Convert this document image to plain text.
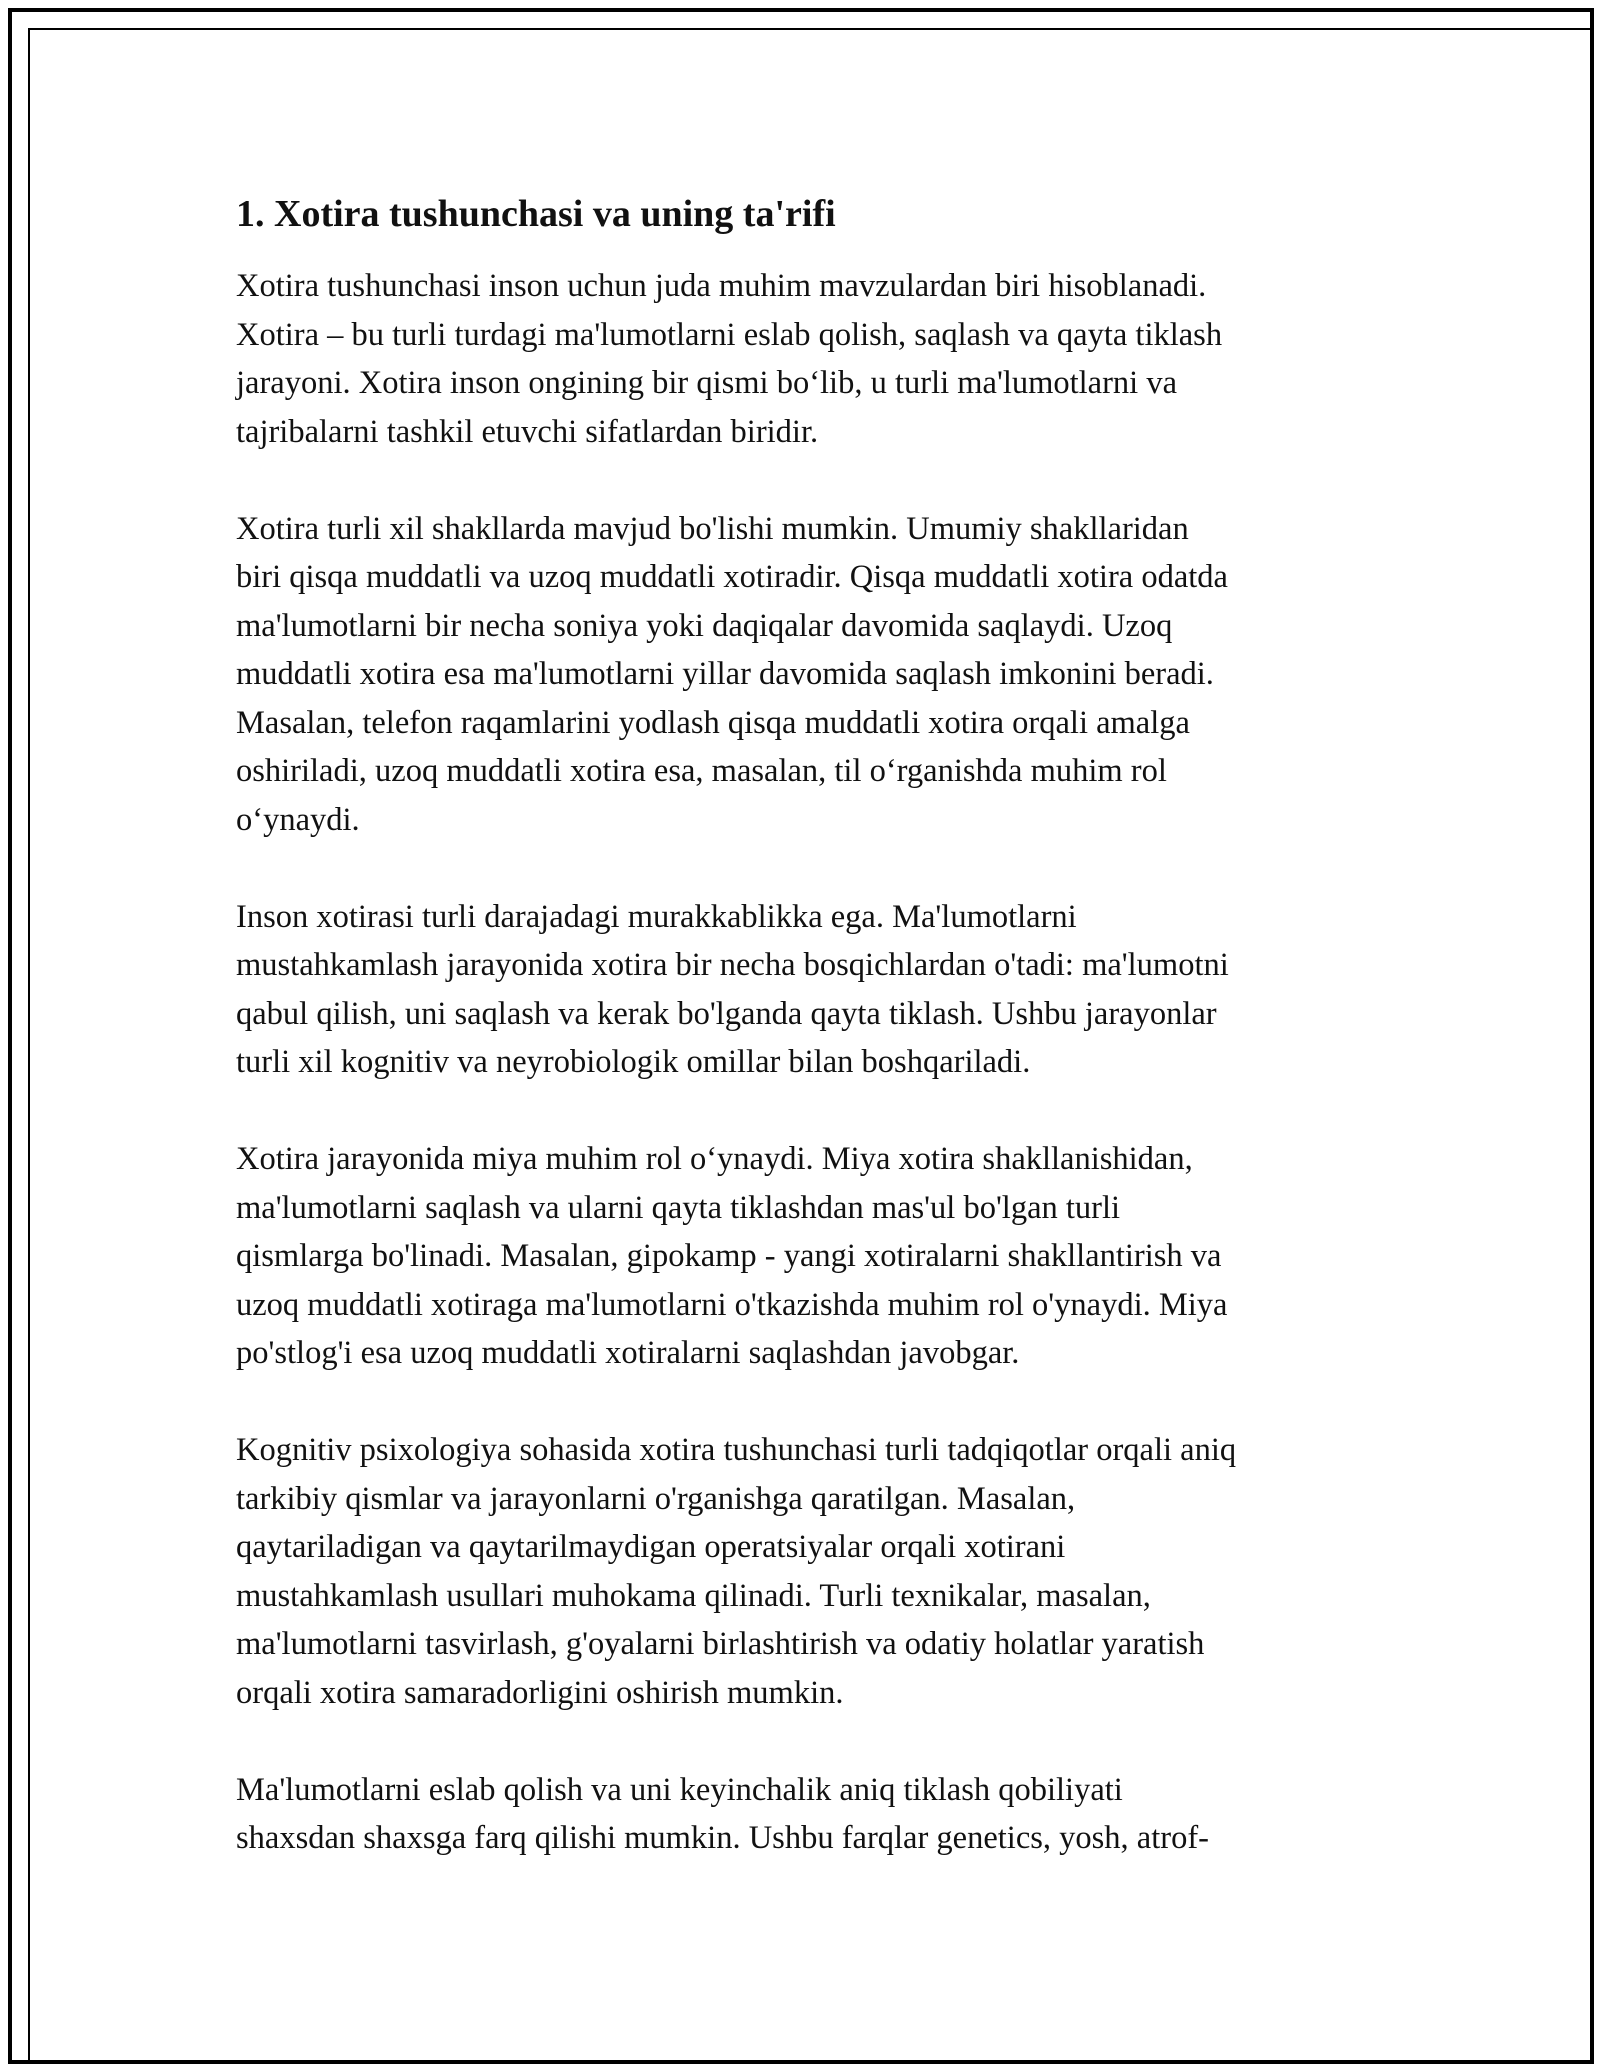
1. Xotira tushunchasi va uning ta'rifi
Xotira tushunchasi inson uchun juda muhim mavzulardan biri hisoblanadi.
Xotira – bu turli turdagi ma'lumotlarni eslab qolish, saqlash va qayta tiklash
jarayoni. Xotira inson ongining bir qismi bo‘lib, u turli ma'lumotlarni va
tajribalarni tashkil etuvchi sifatlardan biridir.
Xotira turli xil shakllarda mavjud bo'lishi mumkin. Umumiy shakllaridan
biri qisqa muddatli va uzoq muddatli xotiradir. Qisqa muddatli xotira odatda
ma'lumotlarni bir necha soniya yoki daqiqalar davomida saqlaydi. Uzoq
muddatli xotira esa ma'lumotlarni yillar davomida saqlash imkonini beradi.
Masalan, telefon raqamlarini yodlash qisqa muddatli xotira orqali amalga
oshiriladi, uzoq muddatli xotira esa, masalan, til o‘rganishda muhim rol
o‘ynaydi.
Inson xotirasi turli darajadagi murakkablikka ega. Ma'lumotlarni
mustahkamlash jarayonida xotira bir necha bosqichlardan o'tadi: ma'lumotni
qabul qilish, uni saqlash va kerak bo'lganda qayta tiklash. Ushbu jarayonlar
turli xil kognitiv va neyrobiologik omillar bilan boshqariladi.
Xotira jarayonida miya muhim rol o‘ynaydi. Miya xotira shakllanishidan,
ma'lumotlarni saqlash va ularni qayta tiklashdan mas'ul bo'lgan turli
qismlarga bo'linadi. Masalan, gipokamp - yangi xotiralarni shakllantirish va
uzoq muddatli xotiraga ma'lumotlarni o'tkazishda muhim rol o'ynaydi. Miya
po'stlog'i esa uzoq muddatli xotiralarni saqlashdan javobgar.
Kognitiv psixologiya sohasida xotira tushunchasi turli tadqiqotlar orqali aniq
tarkibiy qismlar va jarayonlarni o'rganishga qaratilgan. Masalan,
qaytariladigan va qaytarilmaydigan operatsiyalar orqali xotirani
mustahkamlash usullari muhokama qilinadi. Turli texnikalar, masalan,
ma'lumotlarni tasvirlash, g'oyalarni birlashtirish va odatiy holatlar yaratish
orqali xotira samaradorligini oshirish mumkin.
Ma'lumotlarni eslab qolish va uni keyinchalik aniq tiklash qobiliyati
shaxsdan shaxsga farq qilishi mumkin. Ushbu farqlar genetics, yosh, atrof-
